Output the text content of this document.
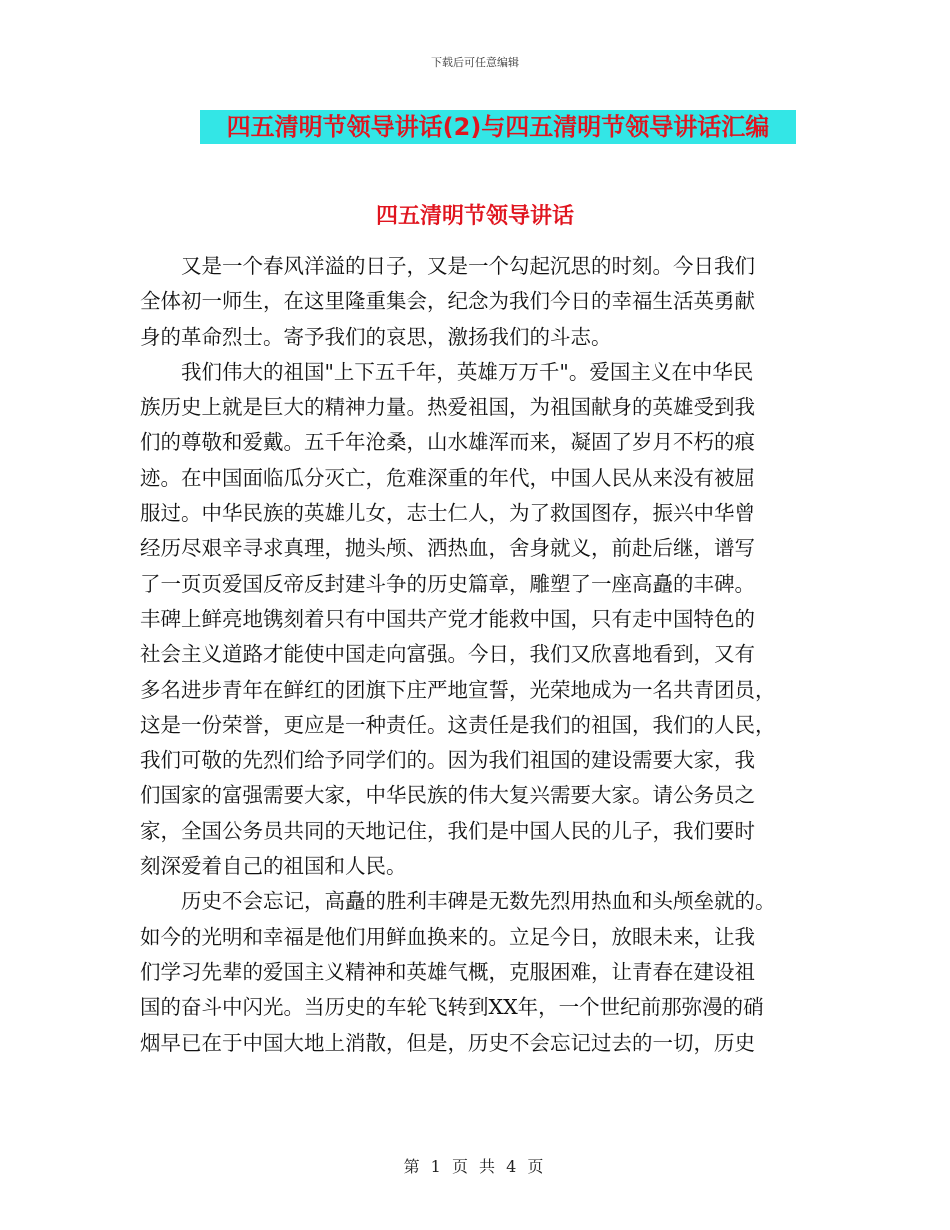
下载后可任意编辑
四五清明节领导讲话(2)与四五清明节领导讲话汇编
四五清明节领导讲话

　　又是一个春风洋溢的日子，又是一个勾起沉思的时刻。今日我们
全体初一师生，在这里隆重集会，纪念为我们今日的幸福生活英勇献
身的革命烈士。寄予我们的哀思，激扬我们的斗志。

　　我们伟大的祖国"上下五千年，英雄万万千"。爱国主义在中华民
族历史上就是巨大的精神力量。热爱祖国，为祖国献身的英雄受到我
们的尊敬和爱戴。五千年沧桑，山水雄浑而来，凝固了岁月不朽的痕
迹。在中国面临瓜分灭亡，危难深重的年代，中国人民从来没有被屈
服过。中华民族的英雄儿女，志士仁人，为了救国图存，振兴中华曾
经历尽艰辛寻求真理，抛头颅、洒热血，舍身就义，前赴后继，谱写
了一页页爱国反帝反封建斗争的历史篇章，雕塑了一座高矗的丰碑。
丰碑上鲜亮地镌刻着只有中国共产党才能救中国，只有走中国特色的
社会主义道路才能使中国走向富强。今日，我们又欣喜地看到，又有
多名进步青年在鲜红的团旗下庄严地宣誓，光荣地成为一名共青团员，
这是一份荣誉，更应是一种责任。这责任是我们的祖国，我们的人民，
我们可敬的先烈们给予同学们的。因为我们祖国的建设需要大家，我
们国家的富强需要大家，中华民族的伟大复兴需要大家。请公务员之
家，全国公务员共同的天地记住，我们是中国人民的儿子，我们要时
刻深爱着自己的祖国和人民。

　　历史不会忘记，高矗的胜利丰碑是无数先烈用热血和头颅垒就的。
如今的光明和幸福是他们用鲜血换来的。立足今日，放眼未来，让我
们学习先辈的爱国主义精神和英雄气概，克服困难，让青春在建设祖
国的奋斗中闪光。当历史的车轮飞转到XX年，一个世纪前那弥漫的硝
烟早已在于中国大地上消散，但是，历史不会忘记过去的一切，历史

第 1 页 共 4 页
